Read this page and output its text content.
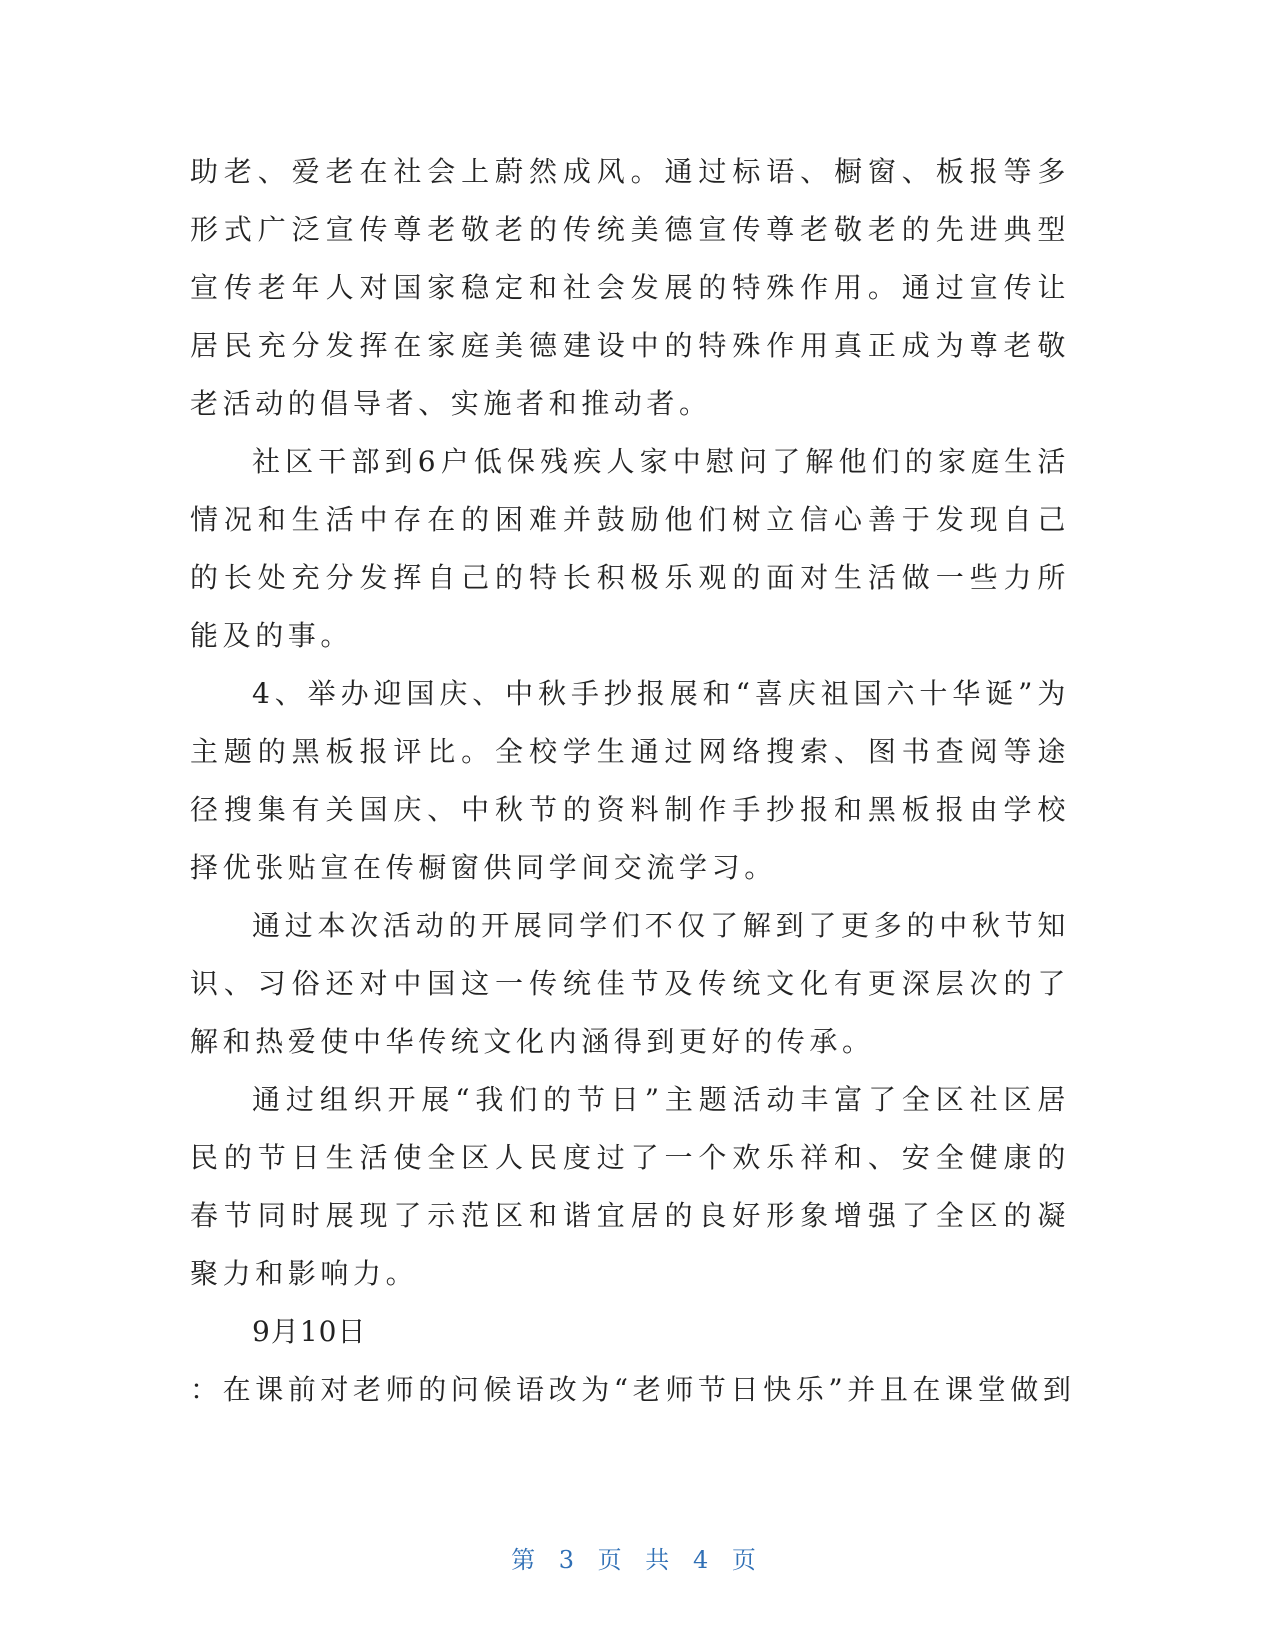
助老、爱老在社会上蔚然成风。通过标语、橱窗、板报等多形式广泛宣传尊老敬老的传统美德宣传尊老敬老的先进典型宣传老年人对国家稳定和社会发展的特殊作用。通过宣传让居民充分发挥在家庭美德建设中的特殊作用真正成为尊老敬老活动的倡导者、实施者和推动者。

社区干部到6户低保残疾人家中慰问了解他们的家庭生活情况和生活中存在的困难并鼓励他们树立信心善于发现自己的长处充分发挥自己的特长积极乐观的面对生活做一些力所能及的事。

4、举办迎国庆、中秋手抄报展和“喜庆祖国六十华诞”为主题的黑板报评比。全校学生通过网络搜索、图书查阅等途径搜集有关国庆、中秋节的资料制作手抄报和黑板报由学校择优张贴宣在传橱窗供同学间交流学习。

通过本次活动的开展同学们不仅了解到了更多的中秋节知识、习俗还对中国这一传统佳节及传统文化有更深层次的了解和热爱使中华传统文化内涵得到更好的传承。

通过组织开展“我们的节日”主题活动丰富了全区社区居民的节日生活使全区人民度过了一个欢乐祥和、安全健康的春节同时展现了示范区和谐宜居的良好形象增强了全区的凝聚力和影响力。

9月10日

：在课前对老师的问候语改为“老师节日快乐”并且在课堂做到

第 3 页 共 4 页
